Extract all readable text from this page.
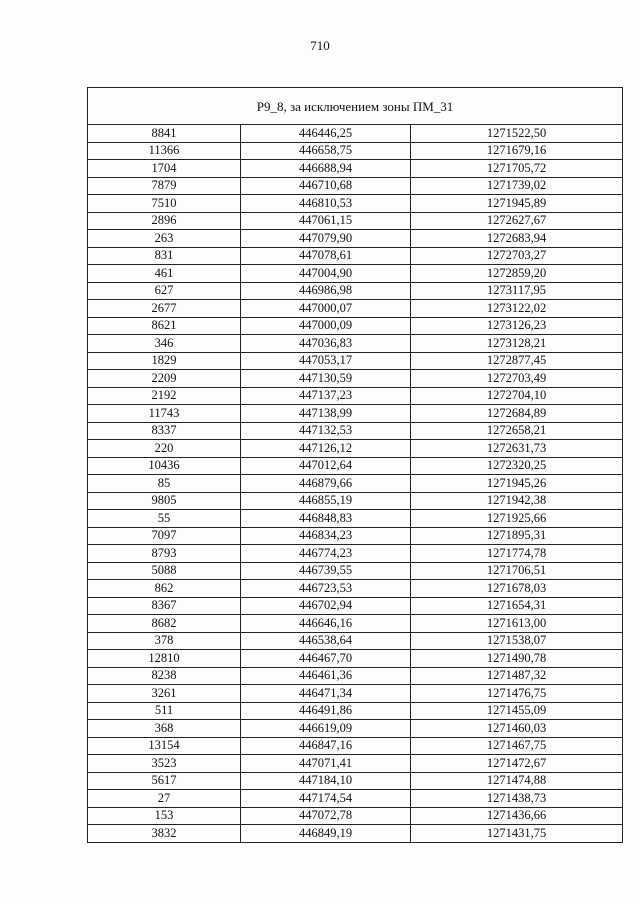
710
Р9_8, за исключением зоны ПМ_31		
8841	446446,25	1271522,50
11366	446658,75	1271679,16
1704	446688,94	1271705,72
7879	446710,68	1271739,02
7510	446810,53	1271945,89
2896	447061,15	1272627,67
263	447079,90	1272683,94
831	447078,61	1272703,27
461	447004,90	1272859,20
627	446986,98	1273117,95
2677	447000,07	1273122,02
8621	447000,09	1273126,23
346	447036,83	1273128,21
1829	447053,17	1272877,45
2209	447130,59	1272703,49
2192	447137,23	1272704,10
11743	447138,99	1272684,89
8337	447132,53	1272658,21
220	447126,12	1272631,73
10436	447012,64	1272320,25
85	446879,66	1271945,26
9805	446855,19	1271942,38
55	446848,83	1271925,66
7097	446834,23	1271895,31
8793	446774,23	1271774,78
5088	446739,55	1271706,51
862	446723,53	1271678,03
8367	446702,94	1271654,31
8682	446646,16	1271613,00
378	446538,64	1271538,07
12810	446467,70	1271490,78
8238	446461,36	1271487,32
3261	446471,34	1271476,75
511	446491,86	1271455,09
368	446619,09	1271460,03
13154	446847,16	1271467,75
3523	447071,41	1271472,67
5617	447184,10	1271474,88
27	447174,54	1271438,73
153	447072,78	1271436,66
3832	446849,19	1271431,75
